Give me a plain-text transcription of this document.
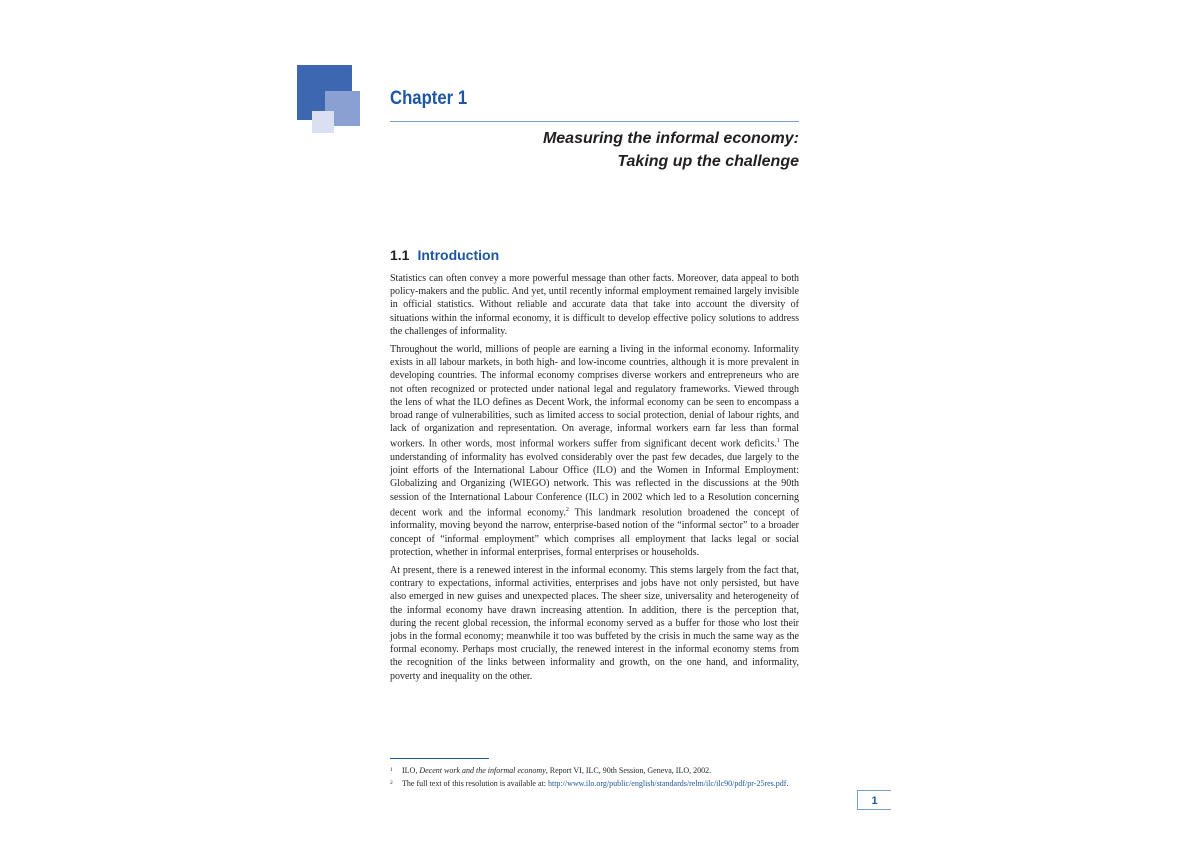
Chapter 1
Measuring the informal economy:
Taking up the challenge
1.1 Introduction

Statistics can often convey a more powerful message than other facts. Moreover, data appeal to both policy-makers and the public. And yet, until recently informal employment remained largely invisible in official statistics. Without reliable and accurate data that take into account the diversity of situations within the informal economy, it is difficult to develop effective policy solutions to address the challenges of informality.

Throughout the world, millions of people are earning a living in the informal economy. Informality exists in all labour markets, in both high- and low-income countries, although it is more prevalent in developing countries. The informal economy comprises diverse workers and entrepreneurs who are not often recognized or protected under national legal and regulatory frameworks. Viewed through the lens of what the ILO defines as Decent Work, the informal economy can be seen to encompass a broad range of vulnerabilities, such as limited access to social protection, denial of labour rights, and lack of organization and representation. On average, informal workers earn far less than formal workers. In other words, most informal workers suffer from significant decent work deficits.$^1$ The understanding of informality has evolved considerably over the past few decades, due largely to the joint efforts of the International Labour Office (ILO) and the Women in Informal Employment: Globalizing and Organizing (WIEGO) network. This was reflected in the discussions at the 90th session of the International Labour Conference (ILC) in 2002 which led to a Resolution concerning decent work and the informal economy.$^2$ This landmark resolution broadened the concept of informality, moving beyond the narrow, enterprise-based notion of the “informal sector” to a broader concept of “informal employment” which comprises all employment that lacks legal or social protection, whether in informal enterprises, formal enterprises or households.

At present, there is a renewed interest in the informal economy. This stems largely from the fact that, contrary to expectations, informal activities, enterprises and jobs have not only persisted, but have also emerged in new guises and unexpected places. The sheer size, universality and heterogeneity of the informal economy have drawn increasing attention. In addition, there is the perception that, during the recent global recession, the informal economy served as a buffer for those who lost their jobs in the formal economy; meanwhile it too was buffeted by the crisis in much the same way as the formal economy. Perhaps most crucially, the renewed interest in the informal economy stems from the recognition of the links between informality and growth, on the one hand, and informality, poverty and inequality on the other.

$^1$ ILO, Decent work and the informal economy, Report VI, ILC, 90th Session, Geneva, ILO, 2002.
$^2$ The full text of this resolution is available at: http://www.ilo.org/public/english/standards/relm/ilc/ilc90/pdf/pr-25res.pdf.
1
